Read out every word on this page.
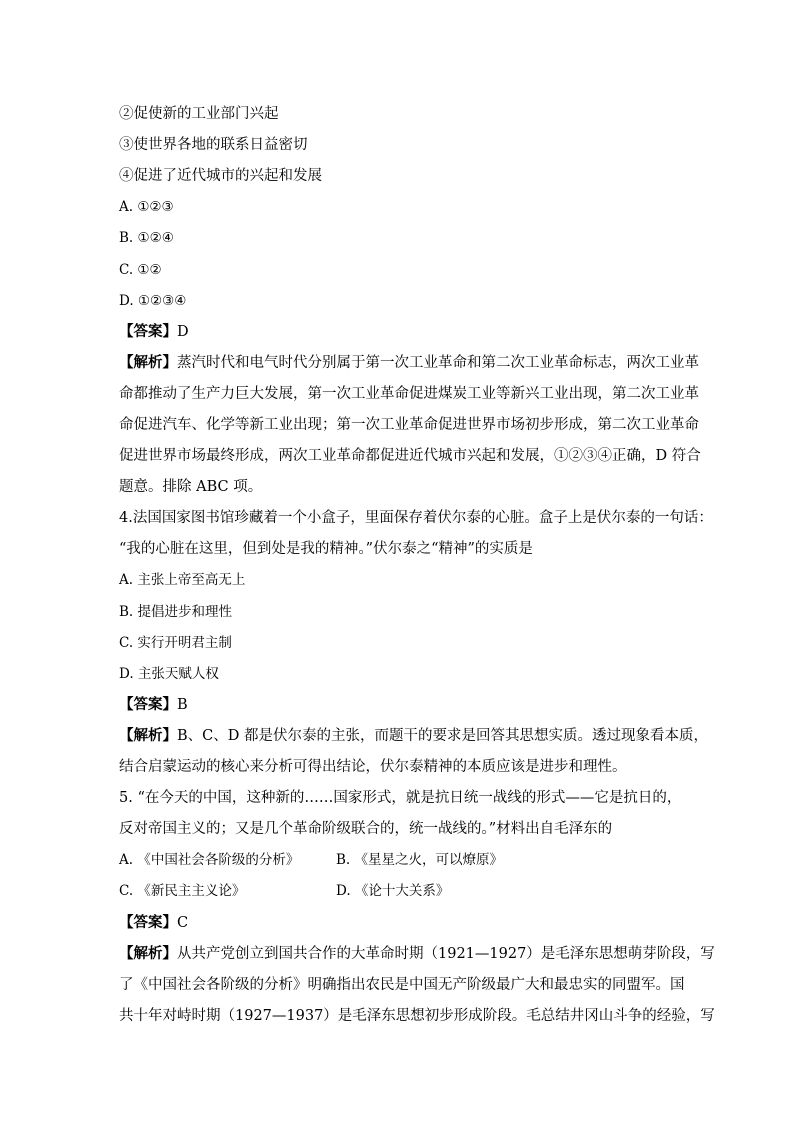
②促使新的工业部门兴起
③使世界各地的联系日益密切
④促进了近代城市的兴起和发展
A. ①②③
B. ①②④
C. ①②
D. ①②③④
【答案】D
【解析】蒸汽时代和电气时代分别属于第一次工业革命和第二次工业革命标志，两次工业革
命都推动了生产力巨大发展，第一次工业革命促进煤炭工业等新兴工业出现，第二次工业革
命促进汽车、化学等新工业出现；第一次工业革命促进世界市场初步形成，第二次工业革命
促进世界市场最终形成，两次工业革命都促进近代城市兴起和发展，①②③④正确，D 符合
题意。排除 ABC 项。
4.法国国家图书馆珍藏着一个小盒子，里面保存着伏尔泰的心脏。盒子上是伏尔泰的一句话：
“我的心脏在这里，但到处是我的精神。”伏尔泰之“精神”的实质是
A. 主张上帝至高无上
B. 提倡进步和理性
C. 实行开明君主制
D. 主张天赋人权
【答案】B
【解析】B、C、D 都是伏尔泰的主张，而题干的要求是回答其思想实质。透过现象看本质，
结合启蒙运动的核心来分析可得出结论，伏尔泰精神的本质应该是进步和理性。
5. “在今天的中国，这种新的……国家形式，就是抗日统一战线的形式——它是抗日的，
反对帝国主义的；又是几个革命阶级联合的，统一战线的。”材料出自毛泽东的
A. 《中国社会各阶级的分析》	B. 《星星之火，可以燎原》
C. 《新民主主义论》	D. 《论十大关系》
【答案】C
【解析】从共产党创立到国共合作的大革命时期（1921—1927）是毛泽东思想萌芽阶段，写
了《中国社会各阶级的分析》明确指出农民是中国无产阶级最广大和最忠实的同盟军。国
共十年对峙时期（1927—1937）是毛泽东思想初步形成阶段。毛总结井冈山斗争的经验，写
